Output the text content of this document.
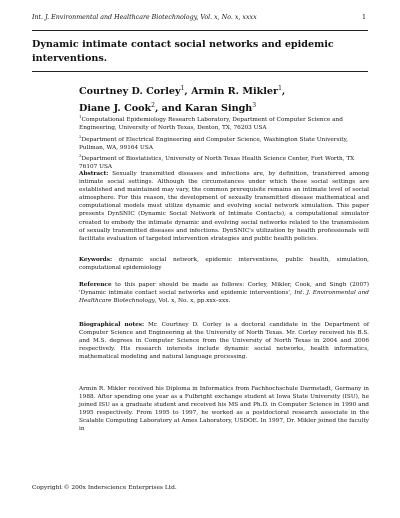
Int. J. Environmental and Healthcare Biotechnology, Vol. x, No. x, xxxx	1
Dynamic intimate contact social networks and epidemic interventions.

Courtney D. Corley$^1$, Armin R. Mikler$^1$,
Diane J. Cook$^2$, and Karan Singh$^3$

$^1$Computational Epidemiology Research Laboratory, Department of Computer Science and Engineering, University of North Texas, Denton, TX, 76203 USA

$^2$Department of Electrical Engineering and Computer Science, Washington State University, Pullman, WA, 99164 USA

$^3$Department of Biostatistics, University of North Texas Health Science Center, Fort Worth, TX 76107 USA

Abstract: Sexually transmitted diseases and infections are, by definition, transferred among intimate social settings. Although the circumstances under which these social settings are established and maintained may vary, the common prerequisite remains an intimate level of social atmosphere. For this reason, the development of sexually transmitted disease mathematical and computational models must utilize dynamic and evolving social network simulation. This paper presents DynSNIC (Dynamic Social Network of Intimate Contacts), a computational simulator created to embody the intimate dynamic and evolving social networks related to the transmission of sexually transmitted diseases and infections. DynSNIC's utilization by health professionals will facilitate evaluation of targeted intervention strategies and public health policies.
Keywords: dynamic social network, epidemic interventions, public health, simulation, computational epidemiology
Reference to this paper should be made as follows: Corley, Mikler, Cook, and Singh (2007) 'Dynamic intimate contact social networks and epidemic interventions', Int. J. Environmental and Healthcare Biotechnology, Vol. x, No. x, pp.xxx–xxx.
Biographical notes: Mr. Courtney D. Corley is a doctoral candidate in the Department of Computer Science and Engineering at the University of North Texas. Mr. Corley received his B.S. and M.S. degrees in Computer Science from the University of North Texas in 2004 and 2006 respectively. His research interests include dynamic social networks, health informatics, mathematical modeling and natural language processing.
Armin R. Mikler received his Diploma in Informatics from Fachhochschule Darmstadt, Germany in 1988. After spending one year as a Fulbright exchange student at Iowa State University (ISU), he joined ISU as a graduate student and received his MS and Ph.D. in Computer Science in 1990 and 1995 respectively. From 1995 to 1997, he worked as a postdoctoral research associate in the Scalable Computing Laboratory at Ames Laboratory, USDOE. In 1997, Dr. Mikler joined the faculty in
Copyright © 200x Inderscience Enterprises Ltd.
